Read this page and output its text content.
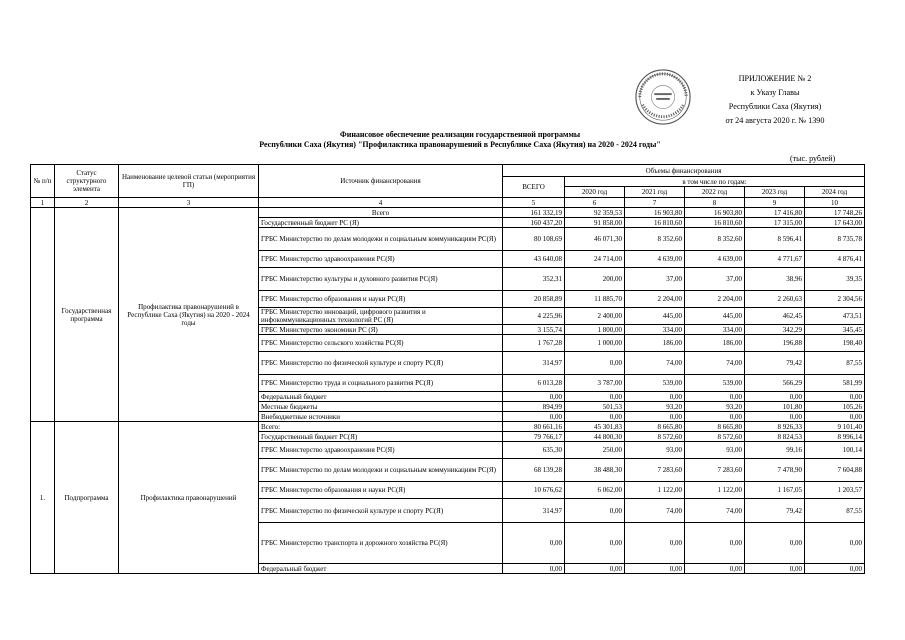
ПРИЛОЖЕНИЕ № 2
к Указу Главы
Республики Саха (Якутия)
от 24 августа 2020 г. № 1390
Финансовое обеспечение реализации государственной программы
Республики Саха (Якутия) "Профилактика правонарушений в Республике Саха (Якутия) на 2020 - 2024 годы"
(тыс. рублей)
№ п/п	Статус структурного элемента	Наименование целевой статьи (мероприятия ГП)	Источник финансирования	Объемы финансирования					
				ВСЕГО	в том числе по годам:				
					2020 год	2021 год	2022 год	2023 год	2024 год
1	2	3	4	5	6	7	8	9	10
	Государственная программа	Профилактика правонарушений в Республике Саха (Якутия) на 2020 - 2024 годы	Всего	161 332,19	92 359,53	16 903,80	16 903,80	17 416,80	17 748,26
			Государственный бюджет РС (Я)	160 437,20	91 858,00	16 810,60	16 810,60	17 315,00	17 643,00
			ГРБС Министерство по делам молодежи и социальным коммуникациям РС(Я)	80 108,69	46 071,30	8 352,60	8 352,60	8 596,41	8 735,78
			ГРБС Министерство здравоохранения РС(Я)	43 640,08	24 714,00	4 639,00	4 639,00	4 771,67	4 876,41
			ГРБС Министерство культуры и духовного развития РС(Я)	352,31	200,00	37,00	37,00	38,96	39,35
			ГРБС Министерство образования и науки РС(Я)	20 858,89	11 885,70	2 204,00	2 204,00	2 260,63	2 304,56
			ГРБС Министерство инноваций, цифрового развития и инфокоммуникационных технологий РС (Я)	4 225,96	2 400,00	445,00	445,00	462,45	473,51
			ГРБС Министерство экономики РС (Я)	3 155,74	1 800,00	334,00	334,00	342,29	345,45
			ГРБС Министерство сельского хозяйства РС(Я)	1 767,28	1 000,00	186,00	186,00	196,88	198,40
			ГРБС Министерство по физической культуре и спорту РС(Я)	314,97	0,00	74,00	74,00	79,42	87,55
			ГРБС Министерство труда и социального развития РС(Я)	6 013,28	3 787,00	539,00	539,00	566,29	581,99
			Федеральный бюджет	0,00	0,00	0,00	0,00	0,00	0,00
			Местные бюджеты	894,99	501,53	93,20	93,20	101,80	105,26
			Внебюджетные источники	0,00	0,00	0,00	0,00	0,00	0,00
1.	Подпрограмма	Профилактика правонарушений	Всего:	80 661,16	45 301,83	8 665,80	8 665,80	8 926,33	9 101,40
			Государственный бюджет РС(Я)	79 766,17	44 800,30	8 572,60	8 572,60	8 824,53	8 996,14
			ГРБС Министерство здравоохранения РС(Я)	635,30	250,00	93,00	93,00	99,16	100,14
			ГРБС Министерство по делам молодежи и социальным коммуникациям РС(Я)	68 139,28	38 488,30	7 283,60	7 283,60	7 478,90	7 604,88
			ГРБС Министерство образования и науки РС(Я)	10 676,62	6 062,00	1 122,00	1 122,00	1 167,05	1 203,57
			ГРБС Министерство по физической культуре и спорту РС(Я)	314,97	0,00	74,00	74,00	79,42	87,55
			ГРБС Министерство транспорта и дорожного хозяйства РС(Я)	0,00	0,00	0,00	0,00	0,00	0,00
			Федеральный бюджет	0,00	0,00	0,00	0,00	0,00	0,00
